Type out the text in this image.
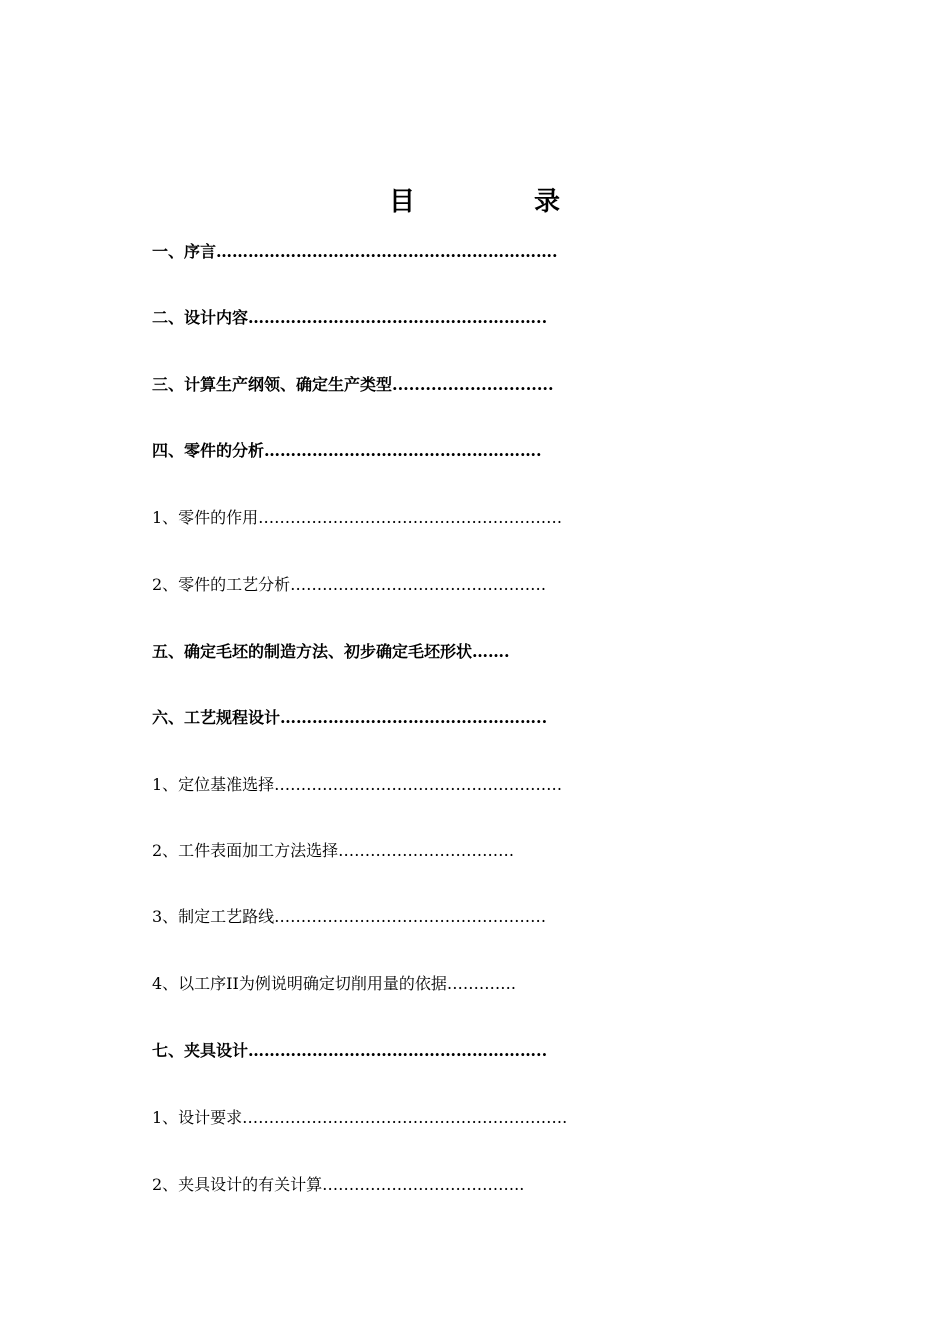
目	录
一、序言……………………………………………………….
二、设计内容………………………………………………..
三、计算生产纲领、确定生产类型.............................
四、零件的分析…………………………………………….
1、零件的作用…………………………………………………
2、零件的工艺分析…………………………………………
五、确定毛坯的制造方法、初步确定毛坯形状…….
六、工艺规程设计…………………………………………..
1、定位基准选择………………………………………………
2、工件表面加工方法选择……………………………
3、制定工艺路线……………………………………………
4、以工序II为例说明确定切削用量的依据………….
七、夹具设计………………………………………………..
1、设计要求…………………………………………………….
2、夹具设计的有关计算………………………………..
